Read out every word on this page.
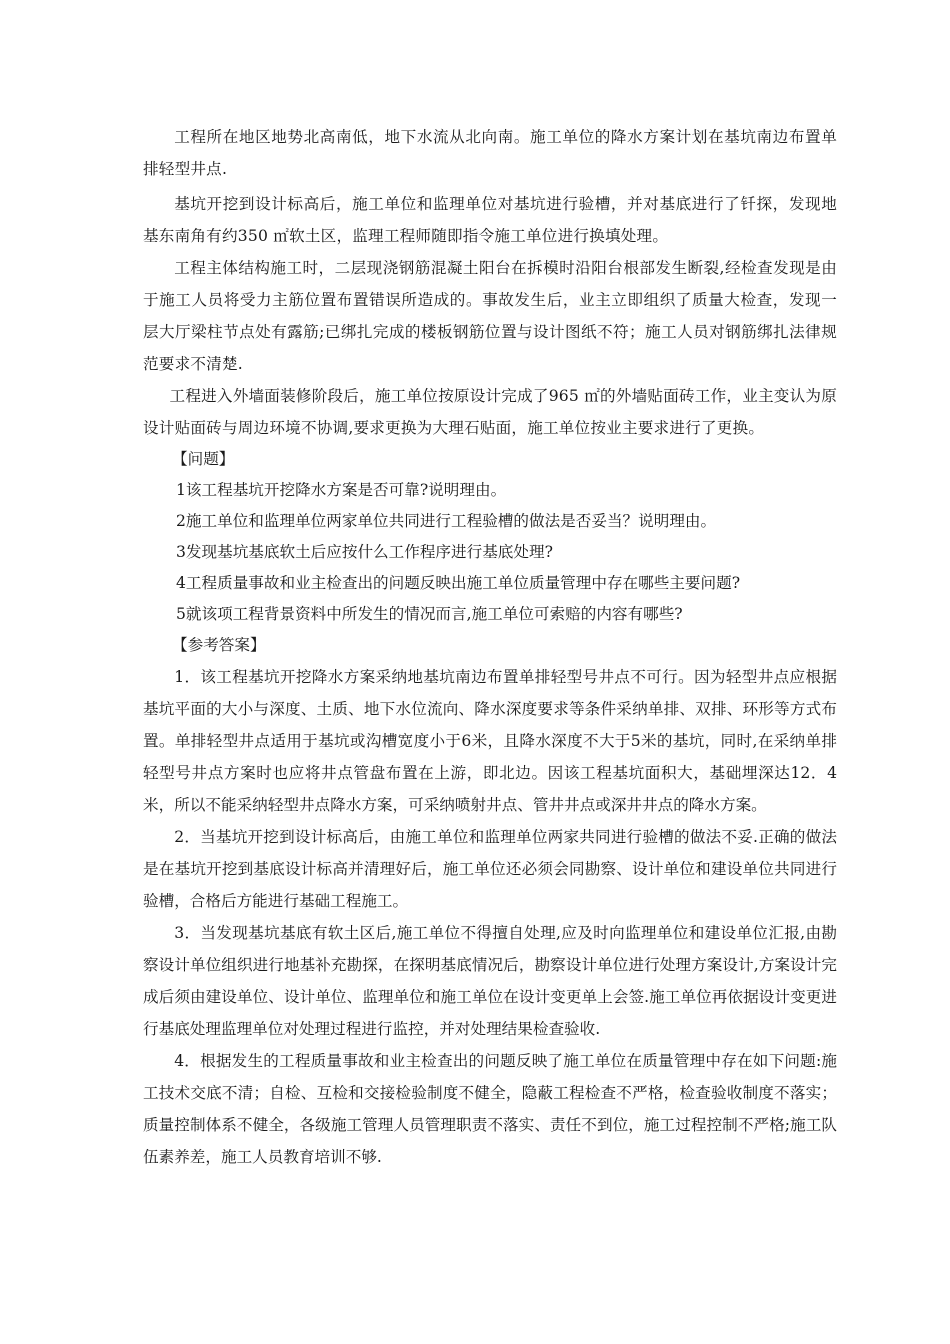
工程所在地区地势北高南低，地下水流从北向南。施工单位的降水方案计划在基坑南边布置单排轻型井点.

基坑开挖到设计标高后，施工单位和监理单位对基坑进行验槽，并对基底进行了钎探，发现地基东南角有约350 ㎡软土区，监理工程师随即指令施工单位进行换填处理。

工程主体结构施工时，二层现浇钢筋混凝土阳台在拆模时沿阳台根部发生断裂,经检查发现是由于施工人员将受力主筋位置布置错误所造成的。事故发生后，业主立即组织了质量大检查，发现一层大厅梁柱节点处有露筋;已绑扎完成的楼板钢筋位置与设计图纸不符；施工人员对钢筋绑扎法律规范要求不清楚.

工程进入外墙面装修阶段后，施工单位按原设计完成了965 ㎡的外墙贴面砖工作，业主变认为原设计贴面砖与周边环境不协调,要求更换为大理石贴面，施工单位按业主要求进行了更换。

【问题】

1该工程基坑开挖降水方案是否可靠?说明理由。

2施工单位和监理单位两家单位共同进行工程验槽的做法是否妥当？说明理由。

3发现基坑基底软土后应按什么工作程序进行基底处理?

4工程质量事故和业主检查出的问题反映出施工单位质量管理中存在哪些主要问题?

5就该项工程背景资料中所发生的情况而言,施工单位可索赔的内容有哪些?

【参考答案】

1．该工程基坑开挖降水方案采纳地基坑南边布置单排轻型号井点不可行。因为轻型井点应根据基坑平面的大小与深度、土质、地下水位流向、降水深度要求等条件采纳单排、双排、环形等方式布置。单排轻型井点适用于基坑或沟槽宽度小于6米，且降水深度不大于5米的基坑，同时,在采纳单排轻型号井点方案时也应将井点管盘布置在上游，即北边。因该工程基坑面积大，基础埋深达12．4米，所以不能采纳轻型井点降水方案，可采纳喷射井点、管井井点或深井井点的降水方案。

2．当基坑开挖到设计标高后，由施工单位和监理单位两家共同进行验槽的做法不妥.正确的做法是在基坑开挖到基底设计标高并清理好后，施工单位还必须会同勘察、设计单位和建设单位共同进行验槽，合格后方能进行基础工程施工。

3．当发现基坑基底有软土区后,施工单位不得擅自处理,应及时向监理单位和建设单位汇报,由勘察设计单位组织进行地基补充勘探，在探明基底情况后，勘察设计单位进行处理方案设计,方案设计完成后须由建设单位、设计单位、监理单位和施工单位在设计变更单上会签.施工单位再依据设计变更进行基底处理监理单位对处理过程进行监控，并对处理结果检查验收.

4．根据发生的工程质量事故和业主检查出的问题反映了施工单位在质量管理中存在如下问题:施工技术交底不清；自检、互检和交接检验制度不健全，隐蔽工程检查不严格，检查验收制度不落实；质量控制体系不健全，各级施工管理人员管理职责不落实、责任不到位，施工过程控制不严格;施工队伍素养差，施工人员教育培训不够.
